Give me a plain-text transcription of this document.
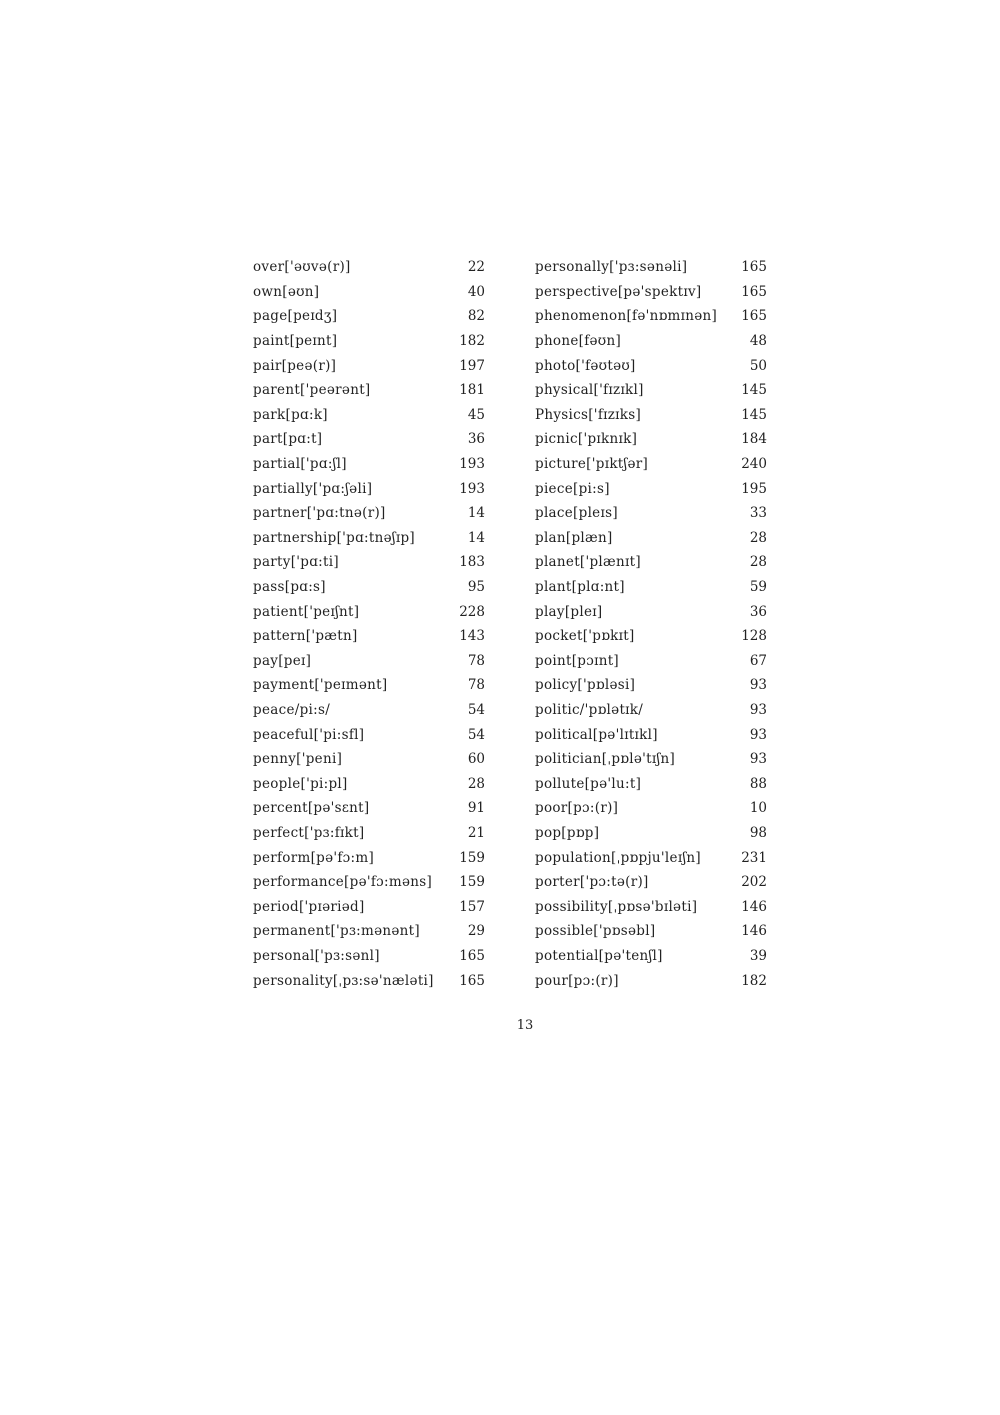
over['əʊvə(r)]	22
own[əʊn]	40
page[peɪdʒ]	82
paint[peɪnt]	182
pair[peə(r)]	197
parent['peərənt]	181
park[pɑ:k]	45
part[pɑ:t]	36
partial['pɑ:ʃl]	193
partially['pɑ:ʃəli]	193
partner['pɑ:tnə(r)]	14
partnership['pɑ:tnəʃɪp]	14
party['pɑ:ti]	183
pass[pɑ:s]	95
patient['peɪʃnt]	228
pattern['pætn]	143
pay[peɪ]	78
payment['peɪmənt]	78
peace/pi:s/	54
peaceful['pi:sfl]	54
penny['peni]	60
people['pi:pl]	28
percent[pə'sɛnt]	91
perfect['pɜ:fɪkt]	21
perform[pə'fɔ:m]	159
performance[pə'fɔ:məns]	159
period['pɪəriəd]	157
permanent['pɜ:mənənt]	29
personal['pɜ:sənl]	165
personality[ˌpɜ:sə'næləti]	165
personally['pɜ:sənəli]	165
perspective[pə'spektɪv]	165
phenomenon[fə'nɒmɪnən]	165
phone[fəʊn]	48
photo['fəʊtəʊ]	50
physical['fɪzɪkl]	145
Physics['fɪzɪks]	145
picnic['pɪknɪk]	184
picture['pɪktʃər]	240
piece[pi:s]	195
place[pleɪs]	33
plan[plæn]	28
planet['plænɪt]	28
plant[plɑ:nt]	59
play[pleɪ]	36
pocket['pɒkɪt]	128
point[pɔɪnt]	67
policy['pɒləsi]	93
politic/'pɒlətɪk/	93
political[pə'lɪtɪkl]	93
politician[ˌpɒlə'tɪʃn]	93
pollute[pə'lu:t]	88
poor[pɔ:(r)]	10
pop[pɒp]	98
population[ˌpɒpju'leɪʃn]	231
porter['pɔ:tə(r)]	202
possibility[ˌpɒsə'bɪləti]	146
possible['pɒsəbl]	146
potential[pə'tenʃl]	39
pour[pɔ:(r)]	182
13
